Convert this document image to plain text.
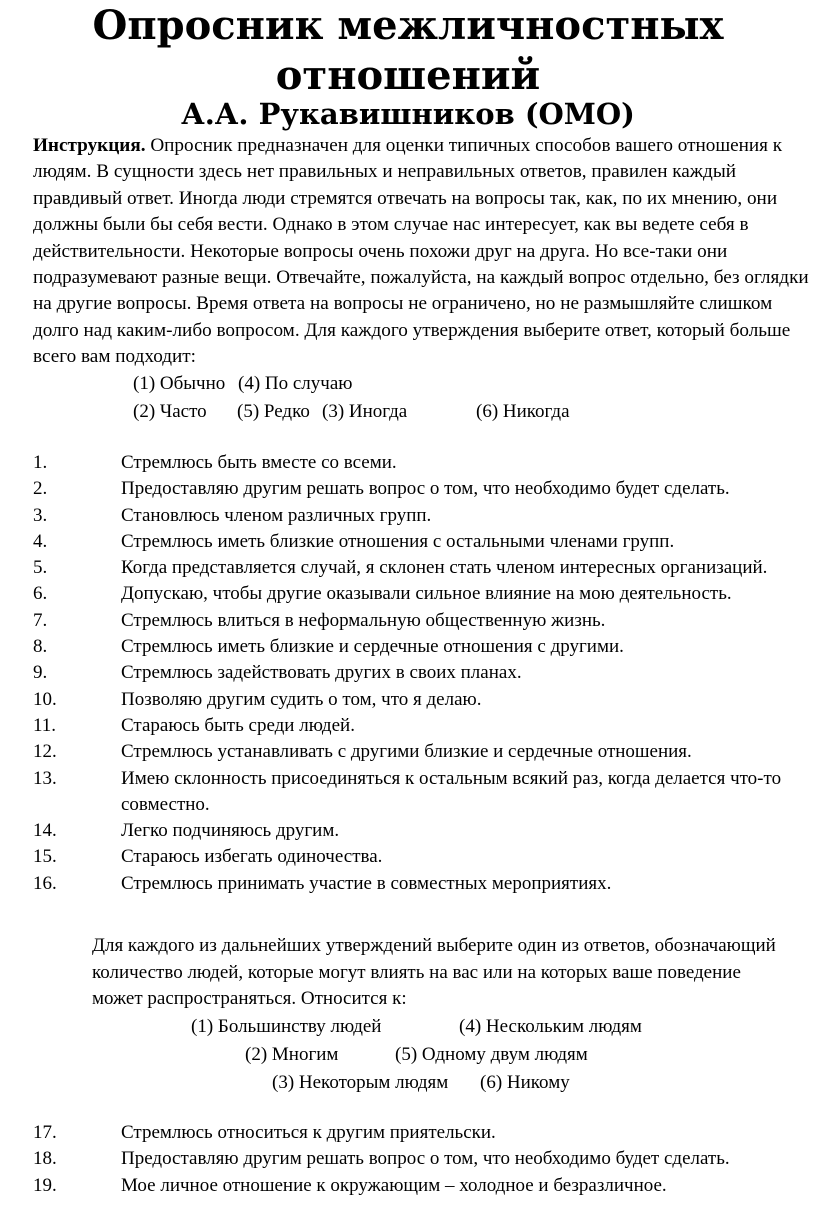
Опросник межличностных
отношений
А.А. Рукавишников (ОМО)

Инструкция. Опросник предназначен для оценки типичных способов вашего отношения к людям. В сущности здесь нет правильных и неправильных ответов, правилен каждый правдивый ответ. Иногда люди стремятся отвечать на вопросы так, как, по их мнению, они должны были бы себя вести. Однако в этом случае нас интересует, как вы ведете себя в действительности. Некоторые вопросы очень похожи друг на друга. Но все-таки они подразумевают разные вещи. Отвечайте, пожалуйста, на каждый вопрос отдельно, без оглядки на другие вопросы. Время ответа на вопросы не ограничено, но не размышляйте слишком долго над каким-либо вопросом. Для каждого утверждения выберите ответ, который больше всего вам подходит:

(1) Обычно (4) По случаю
(2) Часто (5) Редко (3) Иногда	(6) Никогда
1.	Стремлюсь быть вместе со всеми.
2.	Предоставляю другим решать вопрос о том, что необходимо будет сделать.
3.	Становлюсь членом различных групп.
4.	Стремлюсь иметь близкие отношения с остальными членами групп.
5.	Когда представляется случай, я склонен стать членом интересных организаций.
6.	Допускаю, чтобы другие оказывали сильное влияние на мою деятельность.
7.	Стремлюсь влиться в неформальную общественную жизнь.
8.	Стремлюсь иметь близкие и сердечные отношения с другими.
9.	Стремлюсь задействовать других в своих планах.
10.	Позволяю другим судить о том, что я делаю.
11.	Стараюсь быть среди людей.
12.	Стремлюсь устанавливать с другими близкие и сердечные отношения.
13.	Имею склонность присоединяться к остальным всякий раз, когда делается что-то совместно.
14.	Легко подчиняюсь другим.
15.	Стараюсь избегать одиночества.
16.	Стремлюсь принимать участие в совместных мероприятиях.

Для каждого из дальнейших утверждений выберите один из ответов, обозначающий количество людей, которые могут влиять на вас или на которых ваше поведение может распространяться. Относится к:

(1) Большинству людей	(4) Нескольким людям
(2) Многим	(5) Одному двум людям
(3) Некоторым людям (6) Никому
17.	Стремлюсь относиться к другим приятельски.
18.	Предоставляю другим решать вопрос о том, что необходимо будет сделать.
19.	Мое личное отношение к окружающим – холодное и безразличное.
